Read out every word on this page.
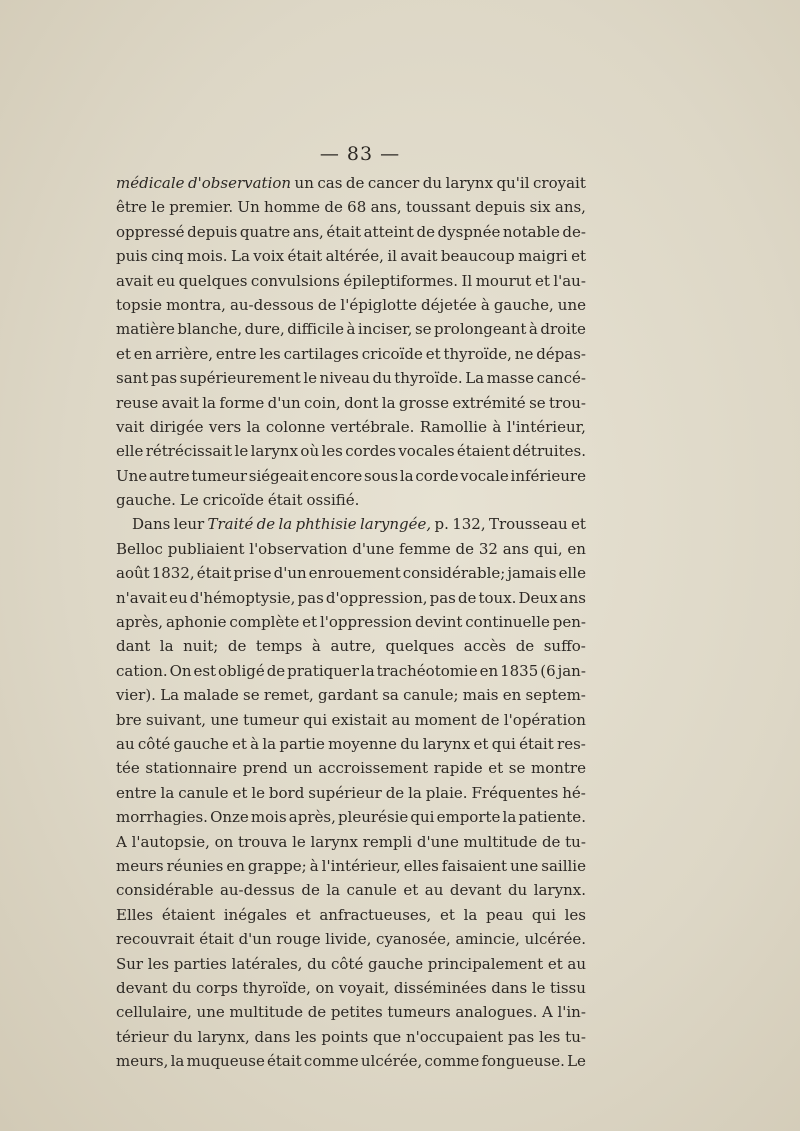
— 83 —
médicale d'observation un cas de cancer du larynx qu'il croyait
être le premier. Un homme de 68 ans, toussant depuis six ans,
oppressé depuis quatre ans, était atteint de dyspnée notable de-
puis cinq mois. La voix était altérée, il avait beaucoup maigri et
avait eu quelques convulsions épileptiformes. Il mourut et l'au-
topsie montra, au-dessous de l'épiglotte déjetée à gauche, une
matière blanche, dure, difficile à inciser, se prolongeant à droite
et en arrière, entre les cartilages cricoïde et thyroïde, ne dépas-
sant pas supérieurement le niveau du thyroïde. La masse cancé-
reuse avait la forme d'un coin, dont la grosse extrémité se trou-
vait dirigée vers la colonne vertébrale. Ramollie à l'intérieur,
elle rétrécissait le larynx où les cordes vocales étaient détruites.
Une autre tumeur siégeait encore sous la corde vocale inférieure
gauche. Le cricoïde était ossifié.
Dans leur Traité de la phthisie laryngée, p. 132, Trousseau et
Belloc publiaient l'observation d'une femme de 32 ans qui, en
août 1832, était prise d'un enrouement considérable; jamais elle
n'avait eu d'hémoptysie, pas d'oppression, pas de toux. Deux ans
après, aphonie complète et l'oppression devint continuelle pen-
dant la nuit; de temps à autre, quelques accès de suffo-
cation. On est obligé de pratiquer la trachéotomie en 1835 (6 jan-
vier). La malade se remet, gardant sa canule; mais en septem-
bre suivant, une tumeur qui existait au moment de l'opération
au côté gauche et à la partie moyenne du larynx et qui était res-
tée stationnaire prend un accroissement rapide et se montre
entre la canule et le bord supérieur de la plaie. Fréquentes hé-
morrhagies. Onze mois après, pleurésie qui emporte la patiente.
A l'autopsie, on trouva le larynx rempli d'une multitude de tu-
meurs réunies en grappe; à l'intérieur, elles faisaient une saillie
considérable au-dessus de la canule et au devant du larynx.
Elles étaient inégales et anfractueuses, et la peau qui les
recouvrait était d'un rouge livide, cyanosée, amincie, ulcérée.
Sur les parties latérales, du côté gauche principalement et au
devant du corps thyroïde, on voyait, disséminées dans le tissu
cellulaire, une multitude de petites tumeurs analogues. A l'in-
térieur du larynx, dans les points que n'occupaient pas les tu-
meurs, la muqueuse était comme ulcérée, comme fongueuse. Le
